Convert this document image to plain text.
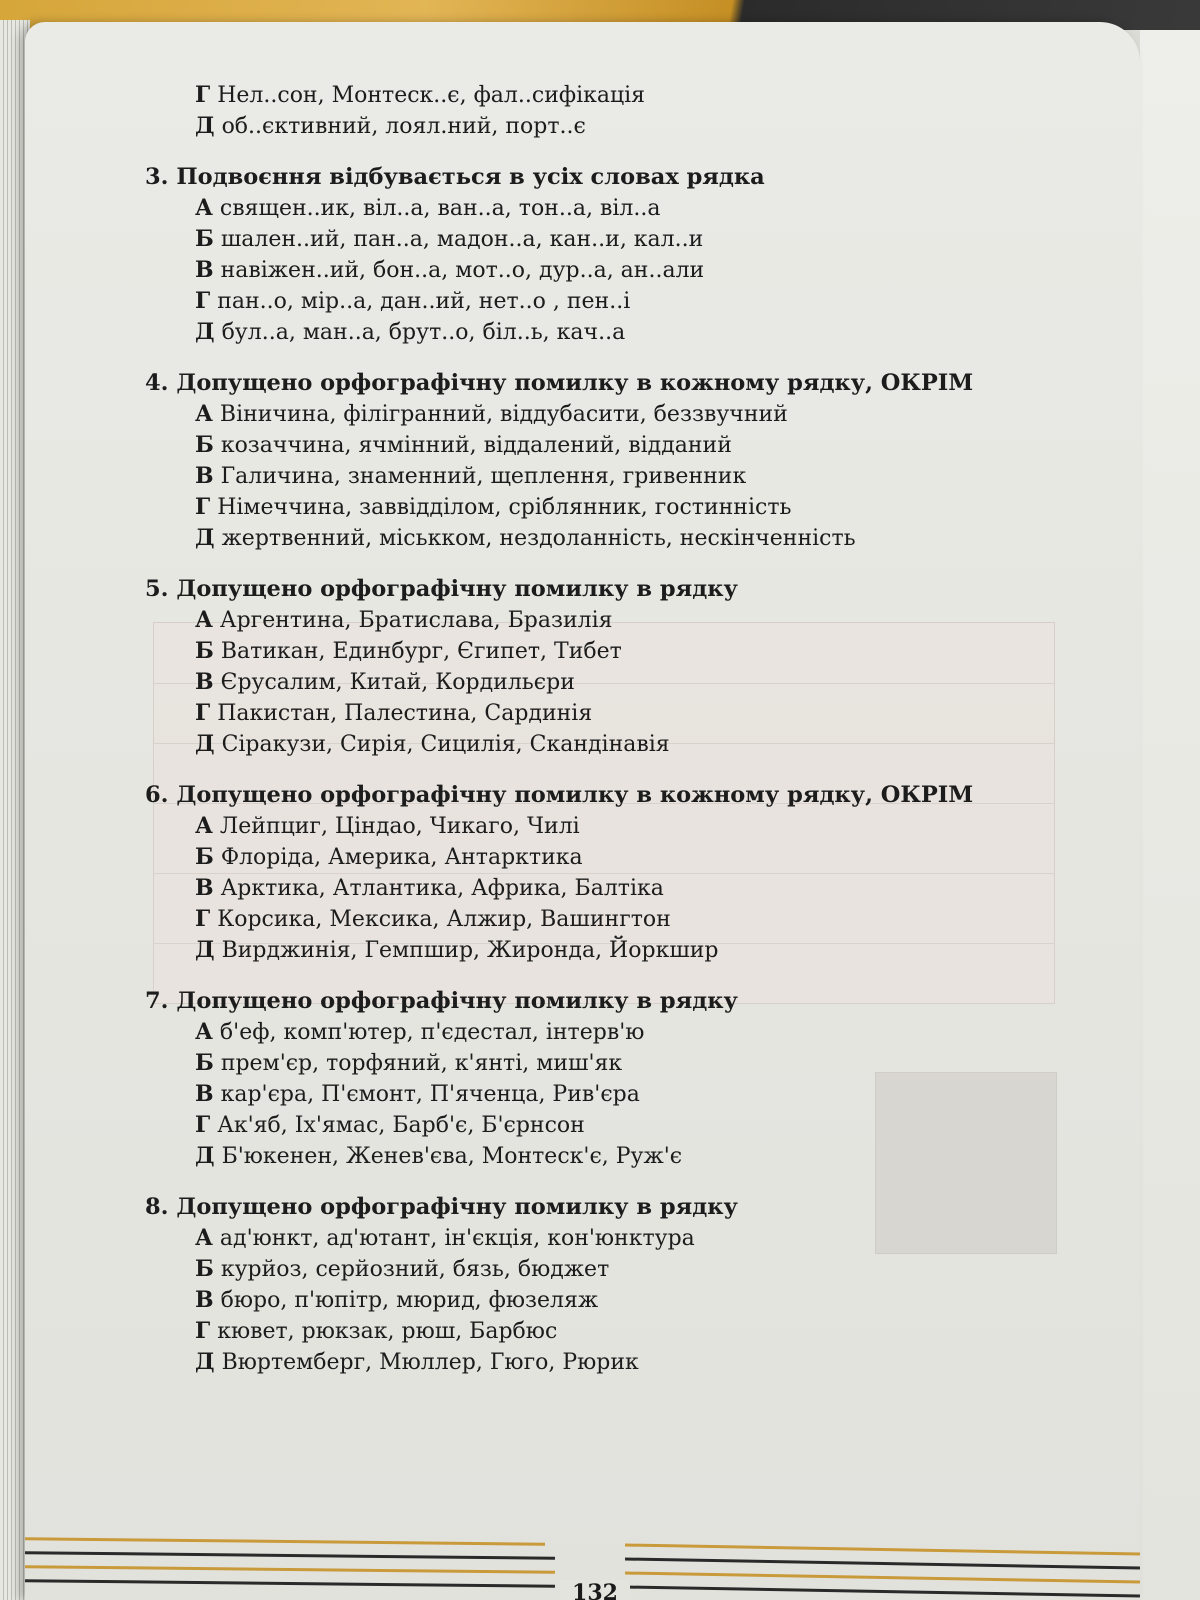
Г Нел..сон, Монтеск..є, фал..сифікація
Д об..єктивний, лоял.ний, порт..є
3. Подвоєння відбувається в усіх словах рядка
А священ..ик, віл..а, ван..а, тон..а, віл..а
Б шален..ий, пан..а, мадон..а, кан..и, кал..и
В навіжен..ий, бон..а, мот..о, дур..а, ан..али
Г пан..о, мір..а, дан..ий, нет..о , пен..і
Д бул..а, ман..а, брут..о, біл..ь, кач..а
4. Допущено орфографічну помилку в кожному рядку, ОКРІМ
А Віничина, філігранний, віддубасити, беззвучний
Б козаччина, ячмінний, віддалений, відданий
В Галичина, знаменний, щеплення, гривенник
Г Німеччина, заввідділом, сріблянник, гостинність
Д жертвенний, міськком, нездоланність, нескінченність
5. Допущено орфографічну помилку в рядку
А Аргентина, Братислава, Бразилія
Б Ватикан, Единбург, Єгипет, Тибет
В Єрусалим, Китай, Кордильєри
Г Пакистан, Палестина, Сардинія
Д Сіракузи, Сирія, Сицилія, Скандінавія
6. Допущено орфографічну помилку в кожному рядку, ОКРІМ
А Лейпциг, Ціндао, Чикаго, Чилі
Б Флоріда, Америка, Антарктика
В Арктика, Атлантика, Африка, Балтіка
Г Корсика, Мексика, Алжир, Вашингтон
Д Вирджинія, Гемпшир, Жиронда, Йоркшир
7. Допущено орфографічну помилку в рядку
А б'еф, комп'ютер, п'єдестал, інтерв'ю
Б прем'єр, торфяний, к'янті, миш'як
В кар'єра, П'ємонт, П'яченца, Рив'єра
Г Ак'яб, Іх'ямас, Барб'є, Б'єрнсон
Д Б'юкенен, Женев'єва, Монтеск'є, Руж'є
8. Допущено орфографічну помилку в рядку
А ад'юнкт, ад'ютант, ін'єкція, кон'юнктура
Б курйоз, серйозний, бязь, бюджет
В бюро, п'юпітр, мюрид, фюзеляж
Г кювет, рюкзак, рюш, Барбюс
Д Вюртемберг, Мюллер, Гюго, Рюрик
132
